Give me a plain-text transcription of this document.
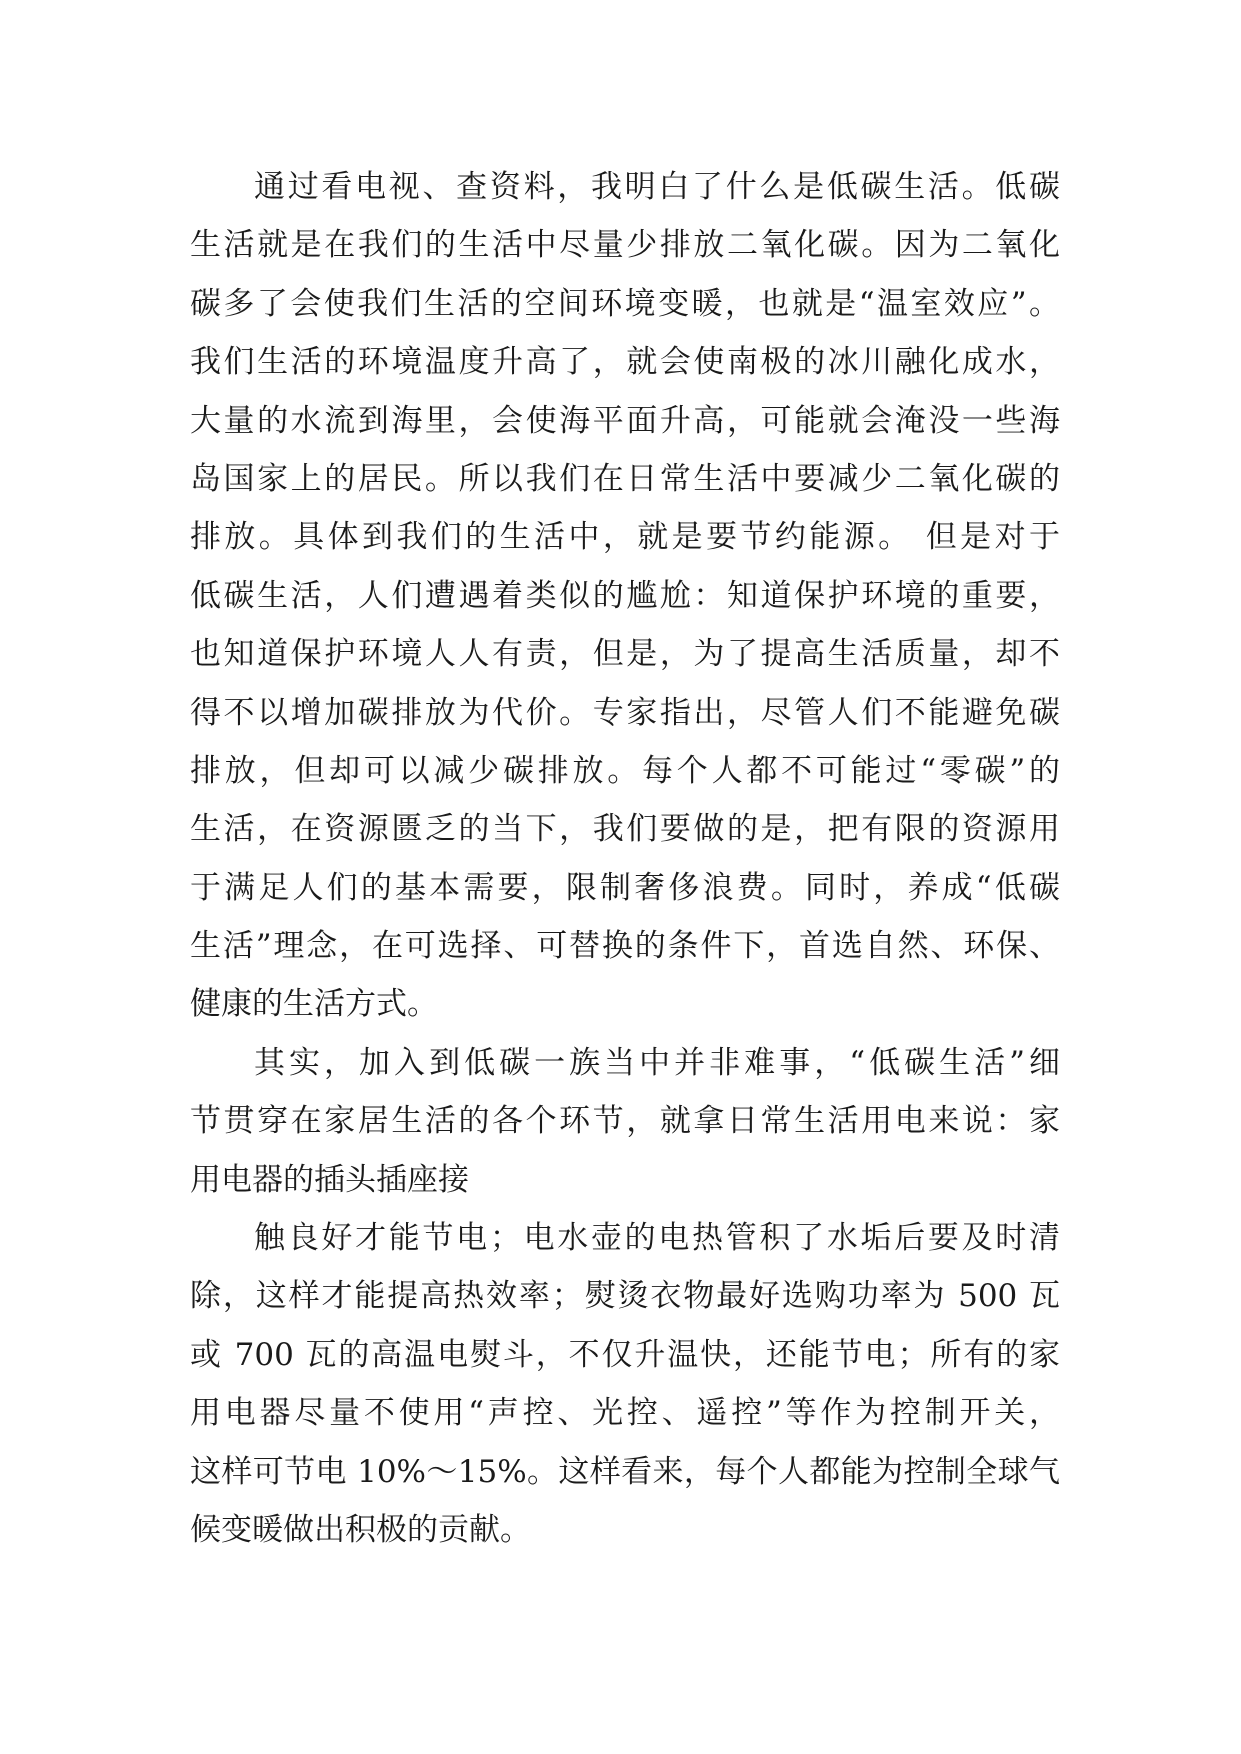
通过看电视、查资料，我明白了什么是低碳生活。低碳
生活就是在我们的生活中尽量少排放二氧化碳。因为二氧化
碳多了会使我们生活的空间环境变暖，也就是“温室效应”。
我们生活的环境温度升高了，就会使南极的冰川融化成水，
大量的水流到海里，会使海平面升高，可能就会淹没一些海
岛国家上的居民。所以我们在日常生活中要减少二氧化碳的
排放。具体到我们的生活中，就是要节约能源。 但是对于
低碳生活，人们遭遇着类似的尴尬：知道保护环境的重要，
也知道保护环境人人有责，但是，为了提高生活质量，却不
得不以增加碳排放为代价。专家指出，尽管人们不能避免碳
排放，但却可以减少碳排放。每个人都不可能过“零碳”的
生活，在资源匮乏的当下，我们要做的是，把有限的资源用
于满足人们的基本需要，限制奢侈浪费。同时，养成“低碳
生活”理念，在可选择、可替换的条件下，首选自然、环保、
健康的生活方式。
其实，加入到低碳一族当中并非难事，“低碳生活”细
节贯穿在家居生活的各个环节，就拿日常生活用电来说：家
用电器的插头插座接
触良好才能节电；电水壶的电热管积了水垢后要及时清
除，这样才能提高热效率；熨烫衣物最好选购功率为 500 瓦
或 700 瓦的高温电熨斗，不仅升温快，还能节电；所有的家
用电器尽量不使用“声控、光控、遥控”等作为控制开关，
这样可节电 10%～15%。这样看来，每个人都能为控制全球气
候变暖做出积极的贡献。
